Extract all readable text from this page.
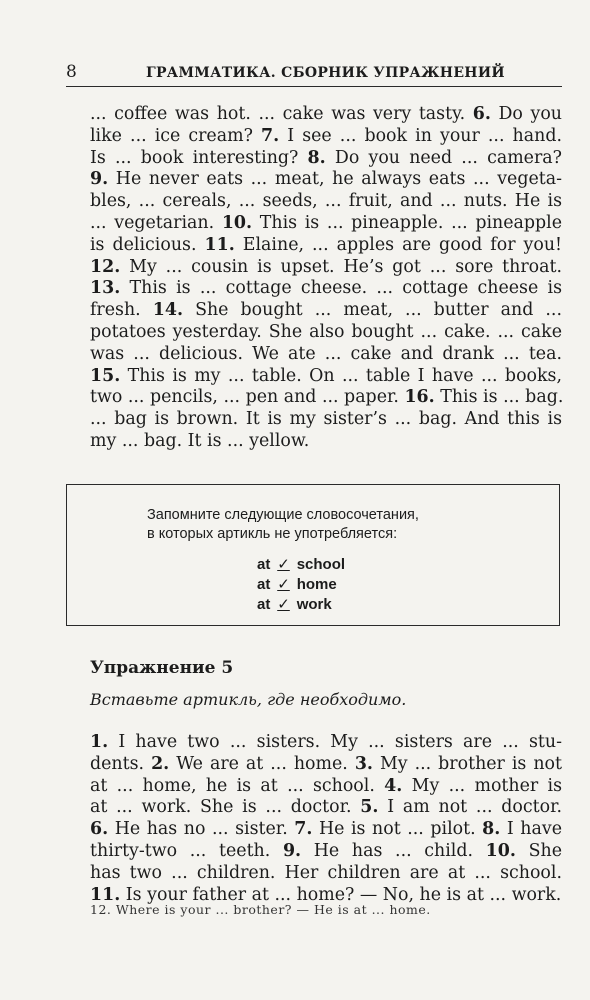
8	ГРАММАТИКА. СБОРНИК УПРАЖНЕНИЙ
... coffee was hot. ... cake was very tasty. 6. Do you
like ... ice cream? 7. I see ... book in your ... hand.
Is ... book interesting? 8. Do you need ... camera?
9. He never eats ... meat, he always eats ... vegeta-
bles, ... cereals, ... seeds, ... fruit, and ... nuts. He is
... vegetarian. 10. This is ... pineapple. ... pineapple
is delicious. 11. Elaine, ... apples are good for you!
12. My ... cousin is upset. He’s got ... sore throat.
13. This is ... cottage cheese. ... cottage cheese is
fresh. 14. She bought ... meat, ... butter and ...
potatoes yesterday. She also bought ... cake. ... cake
was ... delicious. We ate ... cake and drank ... tea.
15. This is my ... table. On ... table I have ... books,
two ... pencils, ... pen and ... paper. 16. This is ... bag.
... bag is brown. It is my sister’s ... bag. And this is
my ... bag. It is ... yellow.
Запомните следующие словосочетания,
в которых артикль не употребляется:
at ✓ school
at ✓ home
at ✓ work
Упражнение 5
Вставьте артикль, где необходимо.
1. I have two ... sisters. My ... sisters are ... stu-
dents. 2. We are at ... home. 3. My ... brother is not
at ... home, he is at ... school. 4. My ... mother is
at ... work. She is ... doctor. 5. I am not ... doctor.
6. He has no ... sister. 7. He is not ... pilot. 8. I have
thirty-two ... teeth. 9. He has ... child. 10. She
has two ... children. Her children are at ... school.
11. Is your father at ... home? — No, he is at ... work.
12. Where is your ... brother? — He is at ... home.
